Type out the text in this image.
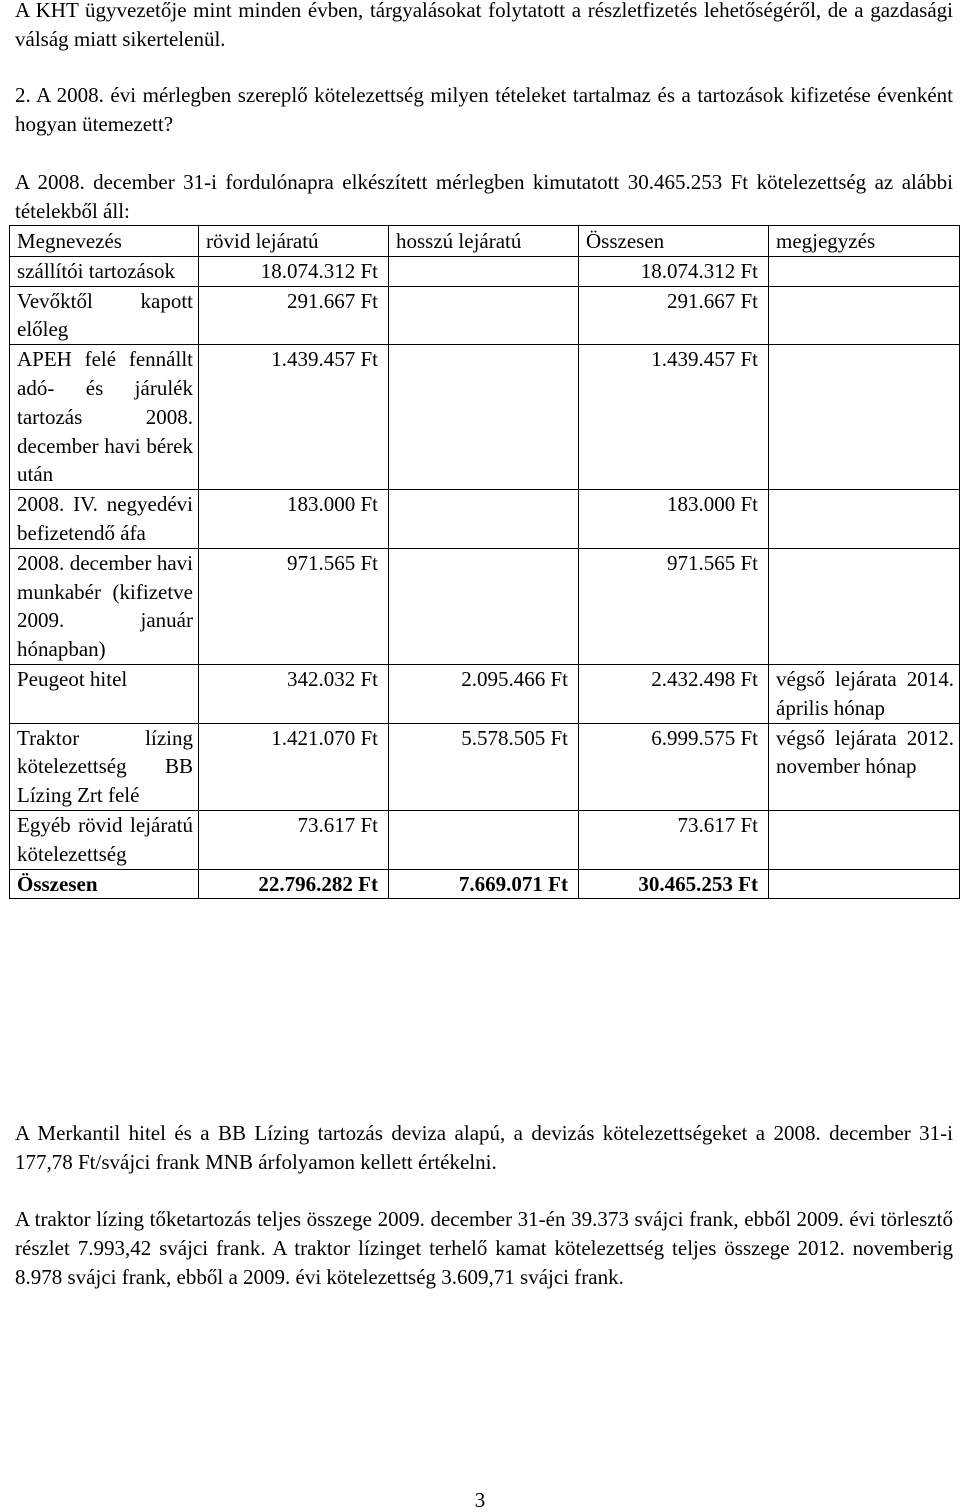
A KHT ügyvezetője mint minden évben, tárgyalásokat folytatott a részletfizetés lehetőségéről, de a gazdasági válság miatt sikertelenül.

2. A 2008. évi mérlegben szereplő kötelezettség milyen tételeket tartalmaz és a tartozások kifizetése évenként hogyan ütemezett?

A 2008. december 31-i fordulónapra elkészített mérlegben kimutatott 30.465.253 Ft kötelezettség az alábbi tételekből áll:

Megnevezés	rövid lejáratú	hosszú lejáratú	Összesen	megjegyzés
szállítói tartozások	18.074.312 Ft		18.074.312 Ft	
Vevőktől kapott előleg	291.667 Ft		291.667 Ft	
APEH felé fennállt adó- és járulék tartozás 2008. december havi bérek után	1.439.457 Ft		1.439.457 Ft	
2008. IV. negyedévi befizetendő áfa	183.000 Ft		183.000 Ft	
2008. december havi munkabér (kifizetve 2009. január hónapban)	971.565 Ft		971.565 Ft	
Peugeot hitel	342.032 Ft	2.095.466 Ft	2.432.498 Ft	végső lejárata 2014. április hónap
Traktor lízing kötelezettség BB Lízing Zrt felé	1.421.070 Ft	5.578.505 Ft	6.999.575 Ft	végső lejárata 2012. november hónap
Egyéb rövid lejáratú kötelezettség	73.617 Ft		73.617 Ft	
Összesen	22.796.282 Ft	7.669.071 Ft	30.465.253 Ft	

A Merkantil hitel és a BB Lízing tartozás deviza alapú, a devizás kötelezettségeket a 2008. december 31-i 177,78 Ft/svájci frank MNB árfolyamon kellett értékelni.

A traktor lízing tőketartozás teljes összege 2009. december 31-én 39.373 svájci frank, ebből 2009. évi törlesztő részlet 7.993,42 svájci frank. A traktor lízinget terhelő kamat kötelezettség teljes összege 2012. novemberig 8.978 svájci frank, ebből a 2009. évi kötelezettség 3.609,71 svájci frank.

3
